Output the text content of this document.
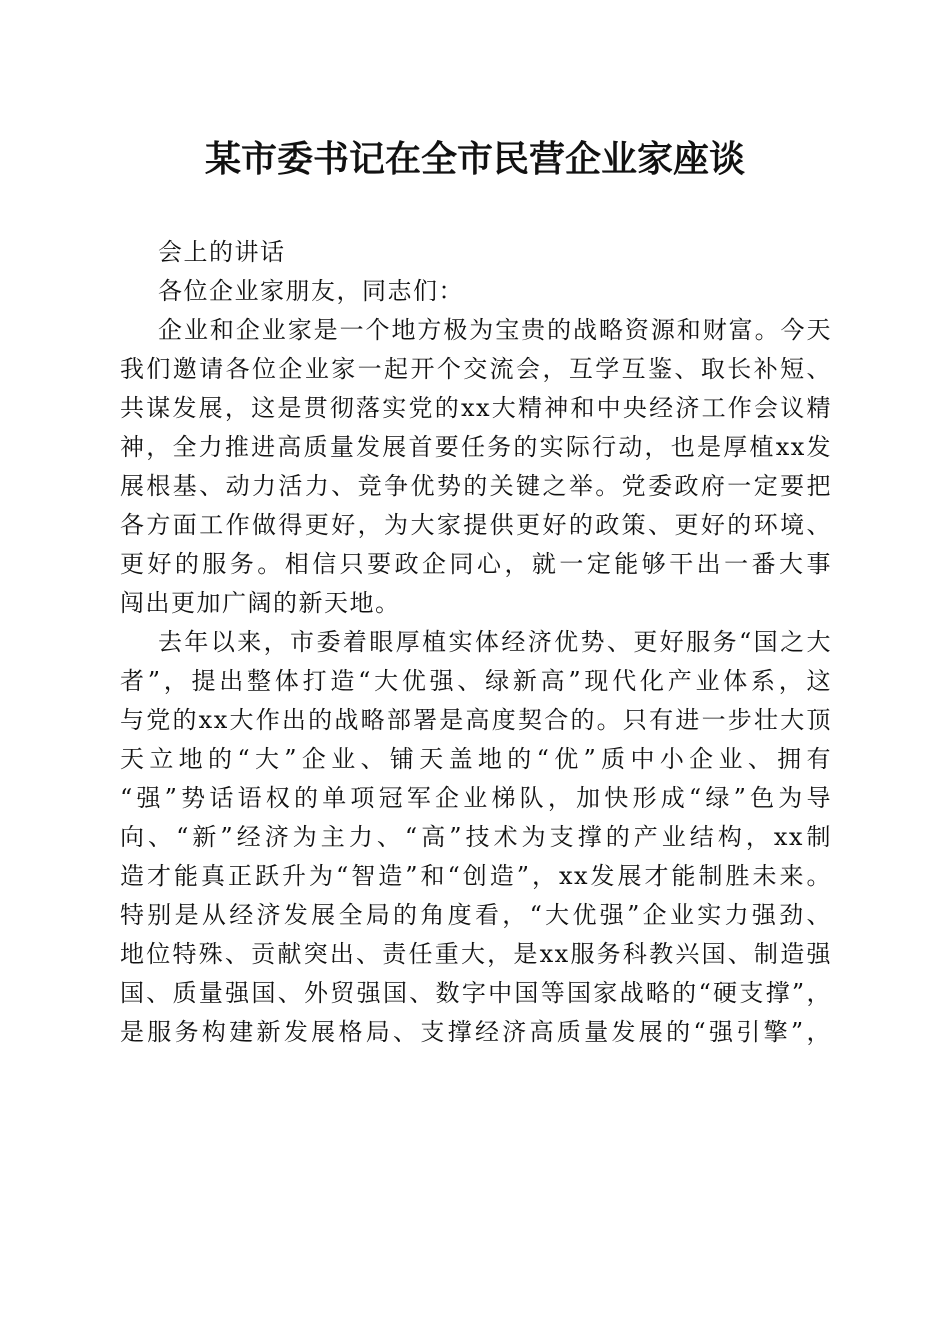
某市委书记在全市民营企业家座谈
会上的讲话
各位企业家朋友，同志们：
企业和企业家是一个地方极为宝贵的战略资源和财富。今天
我们邀请各位企业家一起开个交流会，互学互鉴、取长补短、
共谋发展，这是贯彻落实党的xx大精神和中央经济工作会议精
神，全力推进高质量发展首要任务的实际行动，也是厚植xx发
展根基、动力活力、竞争优势的关键之举。党委政府一定要把
各方面工作做得更好，为大家提供更好的政策、更好的环境、
更好的服务。相信只要政企同心，就一定能够干出一番大事
闯出更加广阔的新天地。
去年以来，市委着眼厚植实体经济优势、更好服务“国之大
者”，提出整体打造“大优强、绿新高”现代化产业体系，这
与党的xx大作出的战略部署是高度契合的。只有进一步壮大顶
天立地的“大”企业、铺天盖地的“优”质中小企业、拥有
“强”势话语权的单项冠军企业梯队，加快形成“绿”色为导
向、“新”经济为主力、“高”技术为支撑的产业结构，xx制
造才能真正跃升为“智造”和“创造”，xx发展才能制胜未来。
特别是从经济发展全局的角度看，“大优强”企业实力强劲、
地位特殊、贡献突出、责任重大，是xx服务科教兴国、制造强
国、质量强国、外贸强国、数字中国等国家战略的“硬支撑”，
是服务构建新发展格局、支撑经济高质量发展的“强引擎”，
